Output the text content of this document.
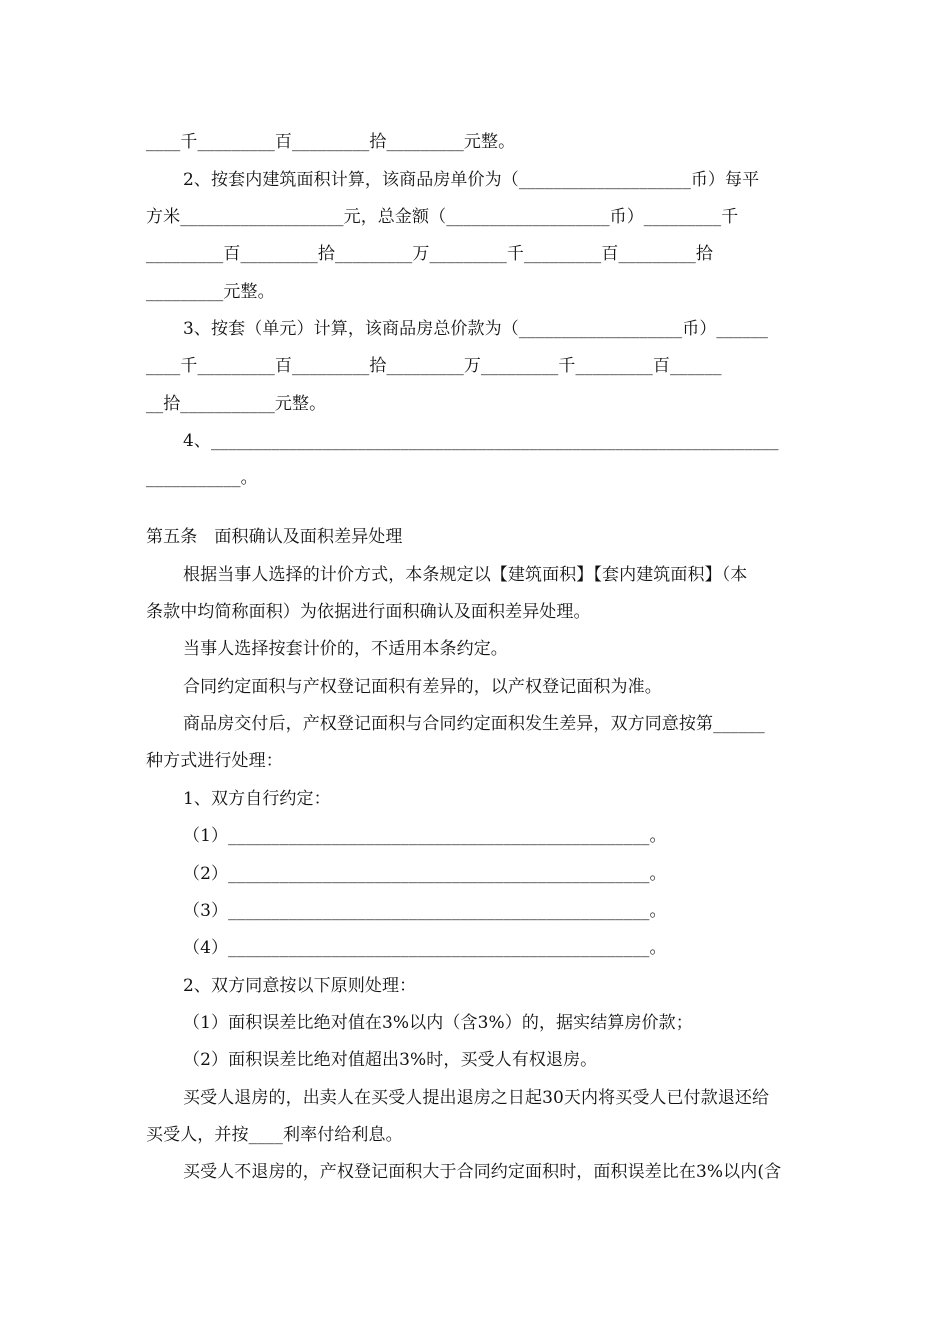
____千_________百_________拾_________元整。
2、按套内建筑面积计算，该商品房单价为（____________________币）每平
方米___________________元，总金额（___________________币）_________千
_________百_________拾_________万_________千_________百_________拾
_________元整。
3、按套（单元）计算，该商品房总价款为（___________________币）______
____千_________百_________拾_________万_________千_________百______
__拾___________元整。
4、__________________________________________________________________
___________。
第五条　面积确认及面积差异处理
根据当事人选择的计价方式，本条规定以【建筑面积】【套内建筑面积】（本
条款中均简称面积）为依据进行面积确认及面积差异处理。
当事人选择按套计价的，不适用本条约定。
合同约定面积与产权登记面积有差异的，以产权登记面积为准。
商品房交付后，产权登记面积与合同约定面积发生差异，双方同意按第______
种方式进行处理：
1、双方自行约定：
（1）_________________________________________________。
（2）_________________________________________________。
（3）_________________________________________________。
（4）_________________________________________________。
2、双方同意按以下原则处理：
（1）面积误差比绝对值在3%以内（含3%）的，据实结算房价款；
（2）面积误差比绝对值超出3%时，买受人有权退房。
买受人退房的，出卖人在买受人提出退房之日起30天内将买受人已付款退还给
买受人，并按____利率付给利息。
买受人不退房的，产权登记面积大于合同约定面积时，面积误差比在3%以内(含
